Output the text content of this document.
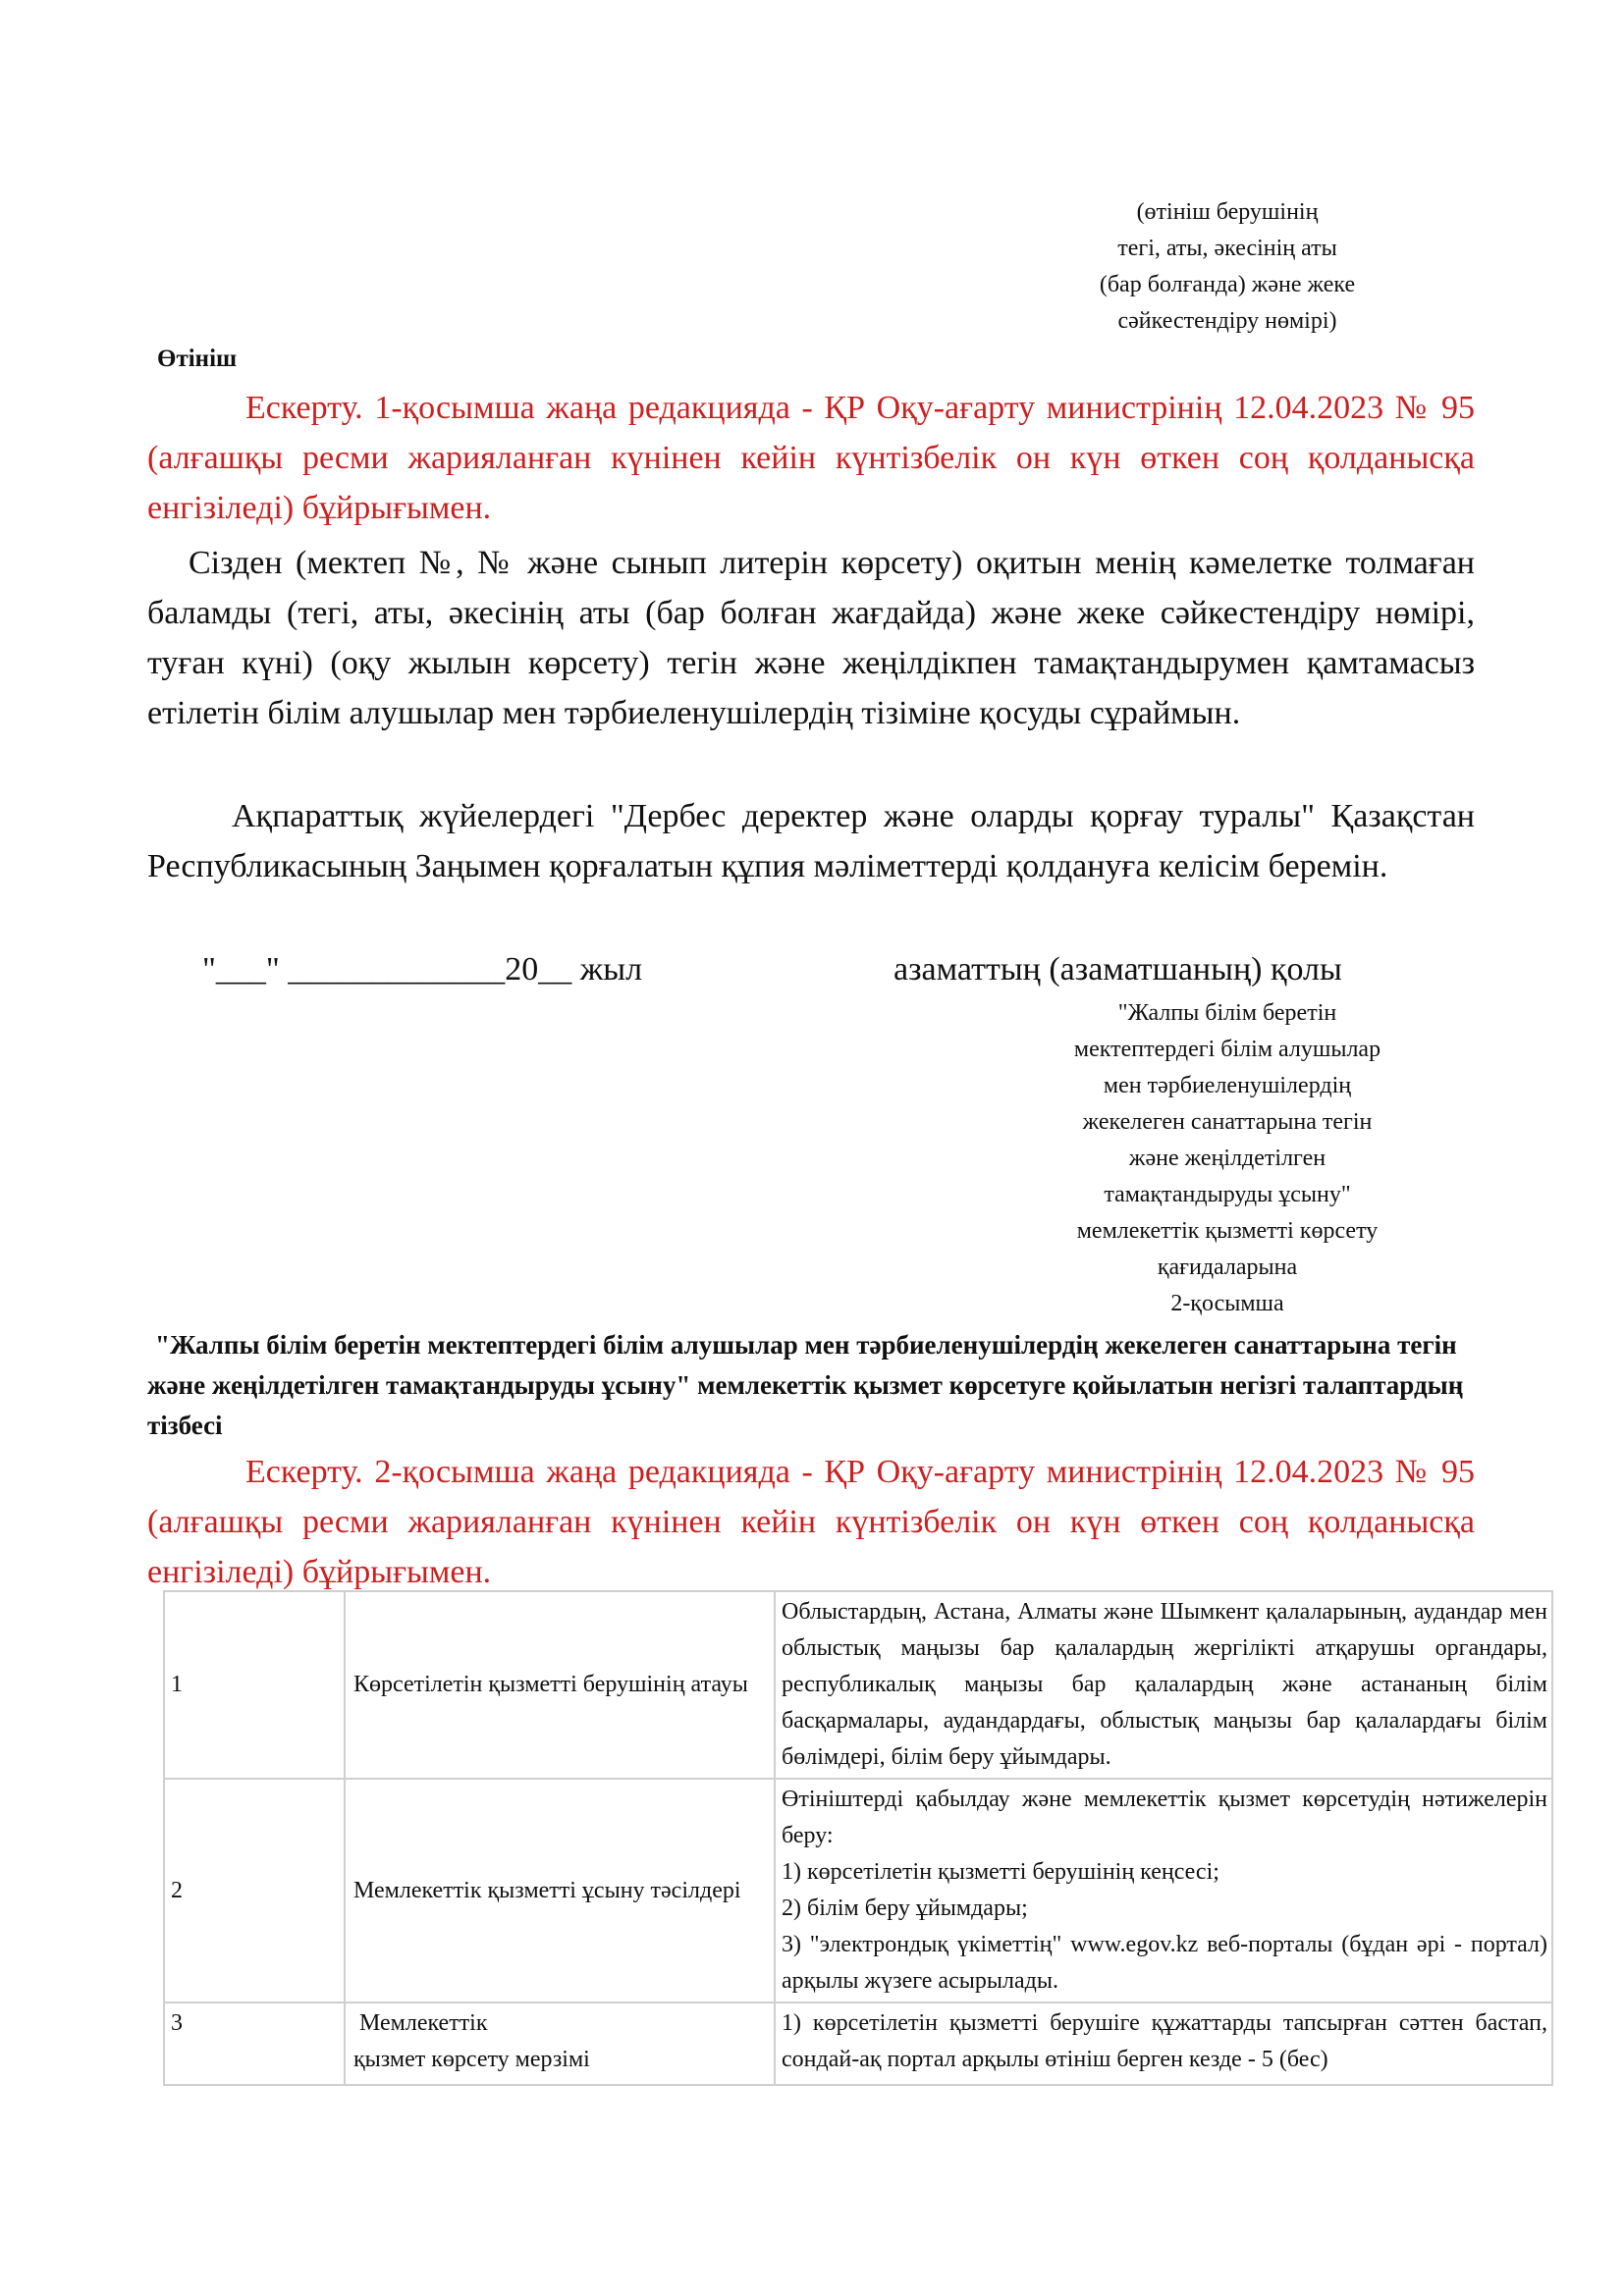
(өтініш берушінің
тегі, аты, әкесінің аты
(бар болғанда) және жеке
сәйкестендіру нөмірі)
Өтініш
Ескерту. 1-қосымша жаңа редакцияда - ҚР Оқу-ағарту министрінің 12.04.2023 № 95 (алғашқы ресми жарияланған күнінен кейін күнтізбелік он күн өткен соң қолданысқа енгізіледі) бұйрығымен.
Сізден (мектеп №, № және сынып литерін көрсету) оқитын менің кәмелетке толмаған баламды (тегі, аты, әкесінің аты (бар болған жағдайда) және жеке сәйкестендіру нөмірі, туған күні) (оқу жылын көрсету) тегін және жеңілдікпен тамақтандырумен қамтамасыз етілетін білім алушылар мен тәрбиеленушілердің тізіміне қосуды сұраймын.
Ақпараттық жүйелердегі "Дербес деректер және оларды қорғау туралы" Қазақстан Республикасының Заңымен қорғалатын құпия мәліметтерді қолдануға келісім беремін.
"___" _____________20__ жыл	азаматтың (азаматшаның) қолы
"Жалпы білім беретін
мектептердегі білім алушылар
мен тәрбиеленушілердің
жекелеген санаттарына тегін
және жеңілдетілген
тамақтандыруды ұсыну"
мемлекеттік қызметті көрсету
қағидаларына
2-қосымша
"Жалпы білім беретін мектептердегі білім алушылар мен тәрбиеленушілердің жекелеген санаттарына тегін және жеңілдетілген тамақтандыруды ұсыну" мемлекеттік қызмет көрсетуге қойылатын негізгі талаптардың тізбесі
Ескерту. 2-қосымша жаңа редакцияда - ҚР Оқу-ағарту министрінің 12.04.2023 № 95 (алғашқы ресми жарияланған күнінен кейін күнтізбелік он күн өткен соң қолданысқа енгізіледі) бұйрығымен.
1	Көрсетілетін қызметті берушінің атауы	Облыстардың, Астана, Алматы және Шымкент қалаларының, аудандар мен облыстық маңызы бар қалалардың жергілікті атқарушы органдары, республикалық маңызы бар қалалардың және астананың білім басқармалары, аудандардағы, облыстық маңызы бар қалалардағы білім бөлімдері, білім беру ұйымдары.

2	Мемлекеттік қызметті ұсыну тәсілдері	Өтініштерді қабылдау және мемлекеттік қызмет көрсетудің нәтижелерін беру:
1) көрсетілетін қызметті берушінің кеңсесі;
2) білім беру ұйымдары;
3) "электрондық үкіметтің" www.egov.kz веб-порталы (бұдан әрі - портал) арқылы жүзеге асырылады.

3	Мемлекеттік
қызмет көрсету мерзімі	1) көрсетілетін қызметті берушіге құжаттарды тапсырған сәттен бастап, сондай-ақ портал арқылы өтініш берген кезде - 5 (бес)
